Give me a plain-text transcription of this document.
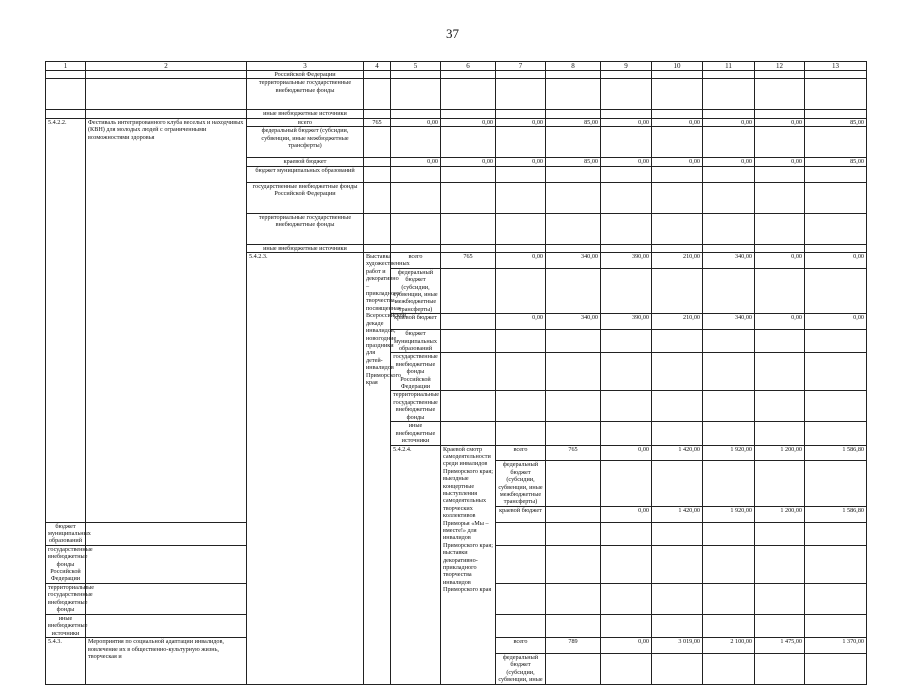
37
1	2	3	4	5	6	7	8	9	10	11	12	13	
		Российской Федерации											
		территориальные государственные внебюджетные фонды											
		иные внебюджетные источники											
5.4.2.2.	Фестиваль интегрированного клуба веселых и находчивых (КВН) для молодых людей с ограниченными возможностями здоровья	всего	765	0,00	0,00	0,00	85,00	0,00	0,00	0,00	0,00	85,00	
		федеральный бюджет (субсидии, субвенции, иные межбюджетные трансферты)											
		краевой бюджет		0,00	0,00	0,00	85,00	0,00	0,00	0,00	0,00	85,00	
		бюджет муниципальных образований											
		государственные внебюджетные фонды Российской Федерации											
		территориальные государственные внебюджетные фонды											
		иные внебюджетные источники											
		5.4.2.3.	Выставка художественных работ и декоративно – прикладного творчества, посвященная Всероссийской декаде инвалидов; новогодние праздники для детей-инвалидов Приморского края	всего	765	0,00	340,00	390,00	210,00	340,00	0,00	0,00		
				федеральный бюджет (субсидии, субвенции, иные межбюджетные трансферты)										
				краевой бюджет		0,00	340,00	390,00	210,00	340,00	0,00	0,00		
				бюджет муниципальных образований										
				государственные внебюджетные фонды Российской Федерации										
				территориальные государственные внебюджетные фонды										
				иные внебюджетные источники										
				5.4.2.4.	Краевой смотр самодеятельности среди инвалидов Приморского края; выездные концертные выступления самодеятельных творческих коллективов Приморья «Мы – вместе!» для инвалидов Приморского края; выставки декоративно-прикладного творчества инвалидов Приморского края	всего	765	0,00	1 420,00	1 920,00	1 200,00	1 586,80				
						федеральный бюджет (субсидии, субвенции, иные межбюджетные трансферты)										
						краевой бюджет		0,00	1 420,00	1 920,00	1 200,00	1 586,80				
бюджет муниципальных образований													
государственные внебюджетные фонды Российской Федерации													
территориальные государственные внебюджетные фонды													
иные внебюджетные источники													
5.4.3.	Мероприятия по социальной адаптации инвалидов, вовлечение их в общественно-культурную жизнь, творческая и					всего	789	0,00	3 019,00	2 100,00	1 475,00	1 370,00				
						федеральный бюджет (субсидии, субвенции, иные										
